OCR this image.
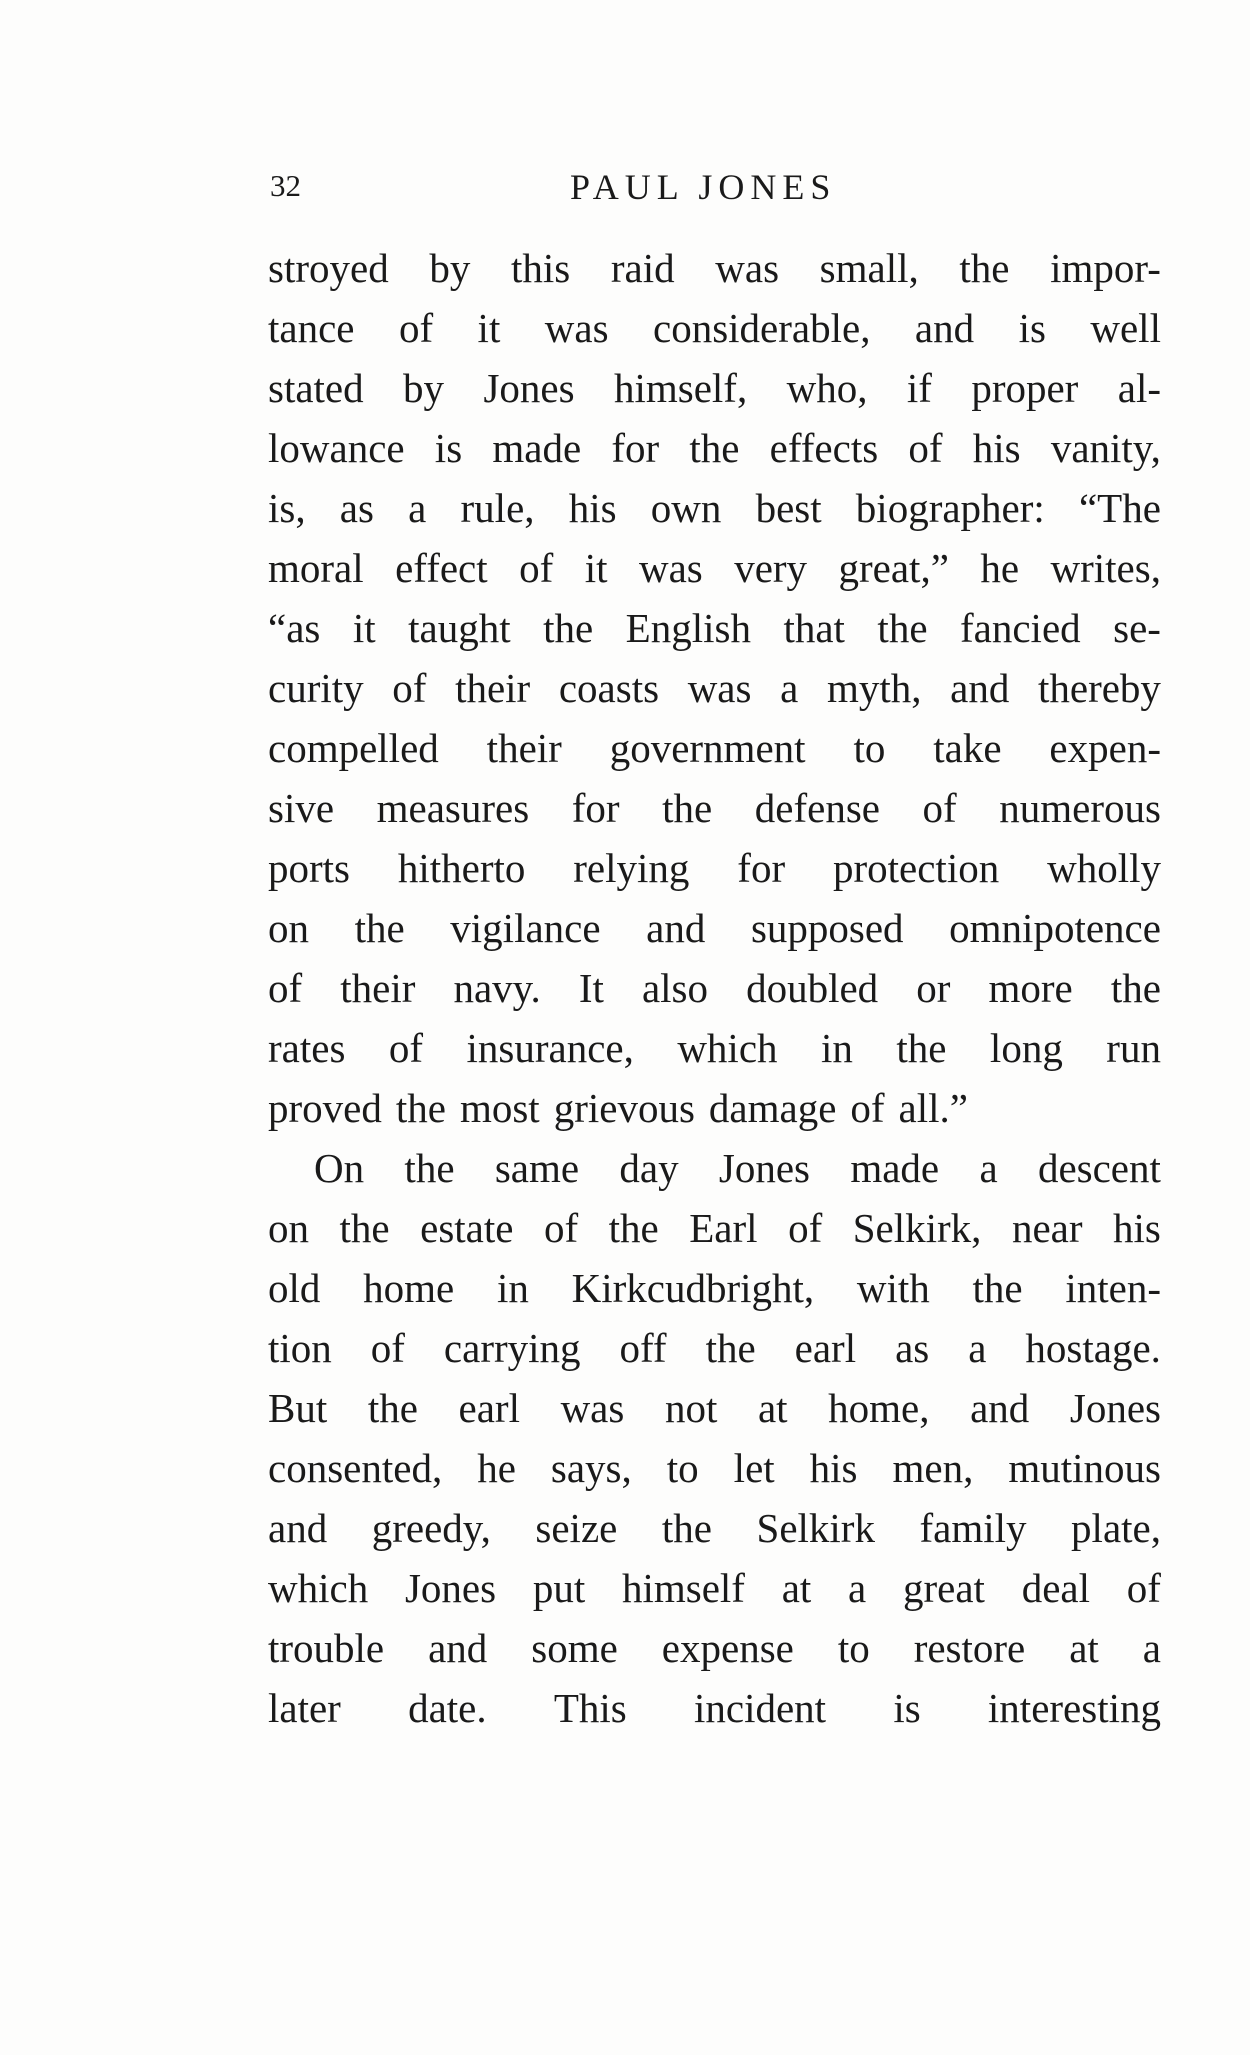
32	PAUL JONES
stroyed by this raid was small, the impor-
tance of it was considerable, and is well
stated by Jones himself, who, if proper al-
lowance is made for the effects of his vanity,
is, as a rule, his own best biographer: “The
moral effect of it was very great,” he writes,
“as it taught the English that the fancied se-
curity of their coasts was a myth, and thereby
compelled their government to take expen-
sive measures for the defense of numerous
ports hitherto relying for protection wholly
on the vigilance and supposed omnipotence
of their navy. It also doubled or more the
rates of insurance, which in the long run
proved the most grievous damage of all.”
On the same day Jones made a descent
on the estate of the Earl of Selkirk, near his
old home in Kirkcudbright, with the inten-
tion of carrying off the earl as a hostage.
But the earl was not at home, and Jones
consented, he says, to let his men, mutinous
and greedy, seize the Selkirk family plate,
which Jones put himself at a great deal of
trouble and some expense to restore at a
later date. This incident is interesting
